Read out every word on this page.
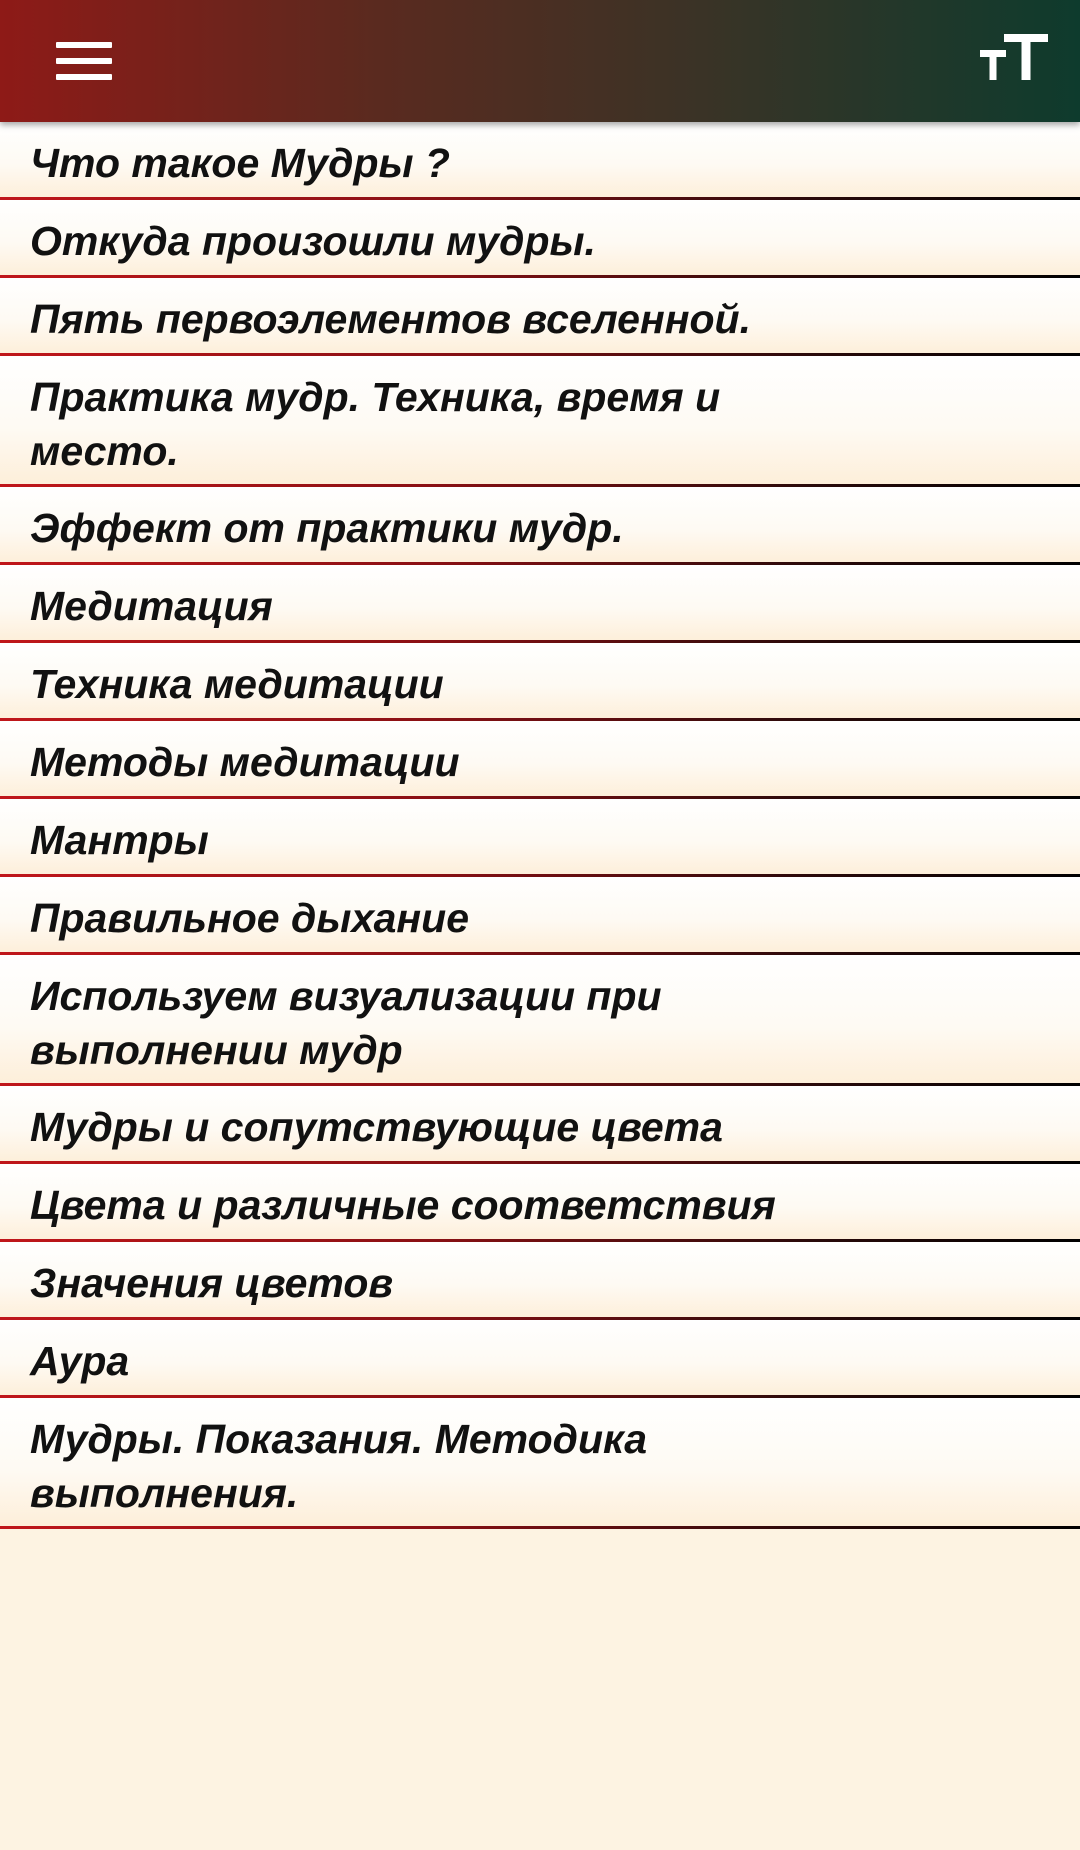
Что такое Мудры ?
Откуда произошли мудры.
Пять первоэлементов вселенной.
Практика мудр. Техника, время и место.
Эффект от практики мудр.
Медитация
Техника медитации
Методы медитации
Мантры
Правильное дыхание
Используем визуализации при выполнении мудр
Мудры и сопутствующие цвета
Цвета и различные соответствия
Значения цветов
Аура
Мудры. Показания. Методика выполнения.
